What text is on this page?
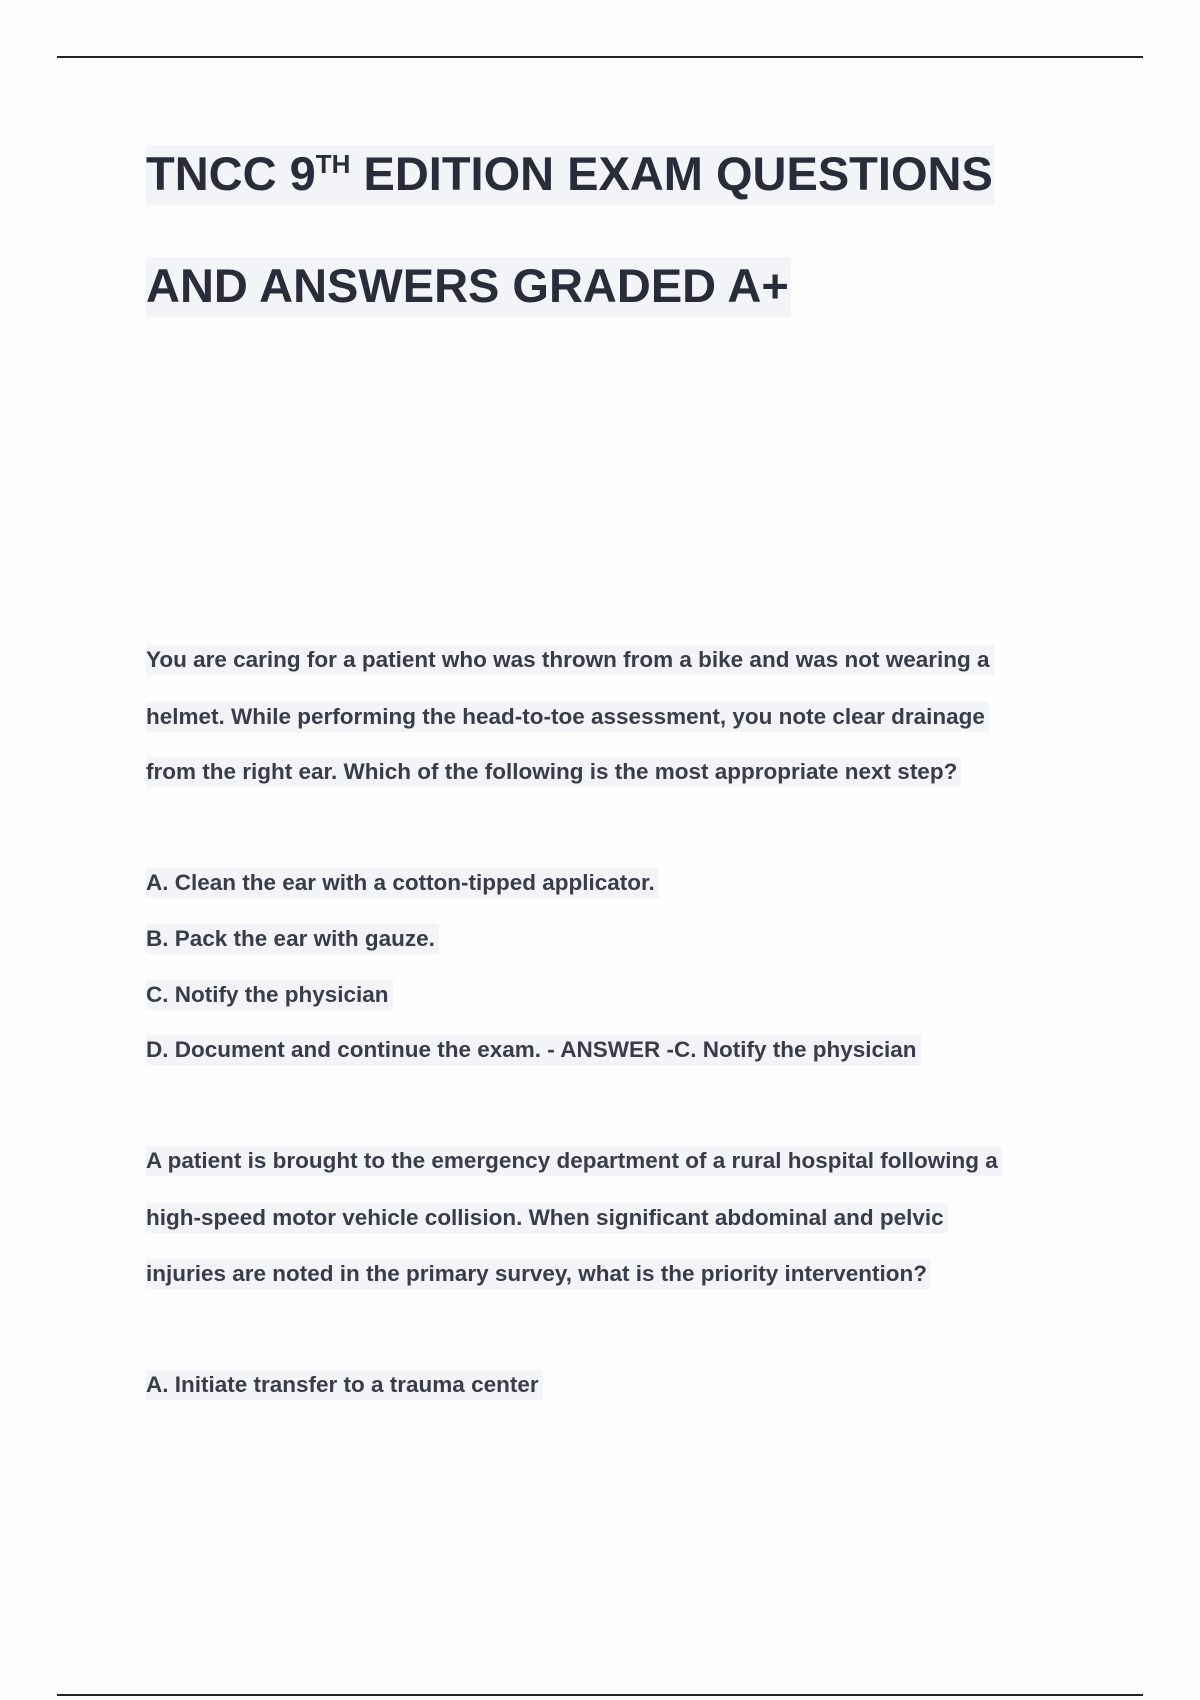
TNCC 9TH EDITION EXAM QUESTIONS
AND ANSWERS GRADED A+
You are caring for a patient who was thrown from a bike and was not wearing a
helmet. While performing the head-to-toe assessment, you note clear drainage
from the right ear. Which of the following is the most appropriate next step?
A. Clean the ear with a cotton-tipped applicator.
B. Pack the ear with gauze.
C. Notify the physician
D. Document and continue the exam. - ANSWER -C. Notify the physician
A patient is brought to the emergency department of a rural hospital following a
high-speed motor vehicle collision. When significant abdominal and pelvic
injuries are noted in the primary survey, what is the priority intervention?
A. Initiate transfer to a trauma center
